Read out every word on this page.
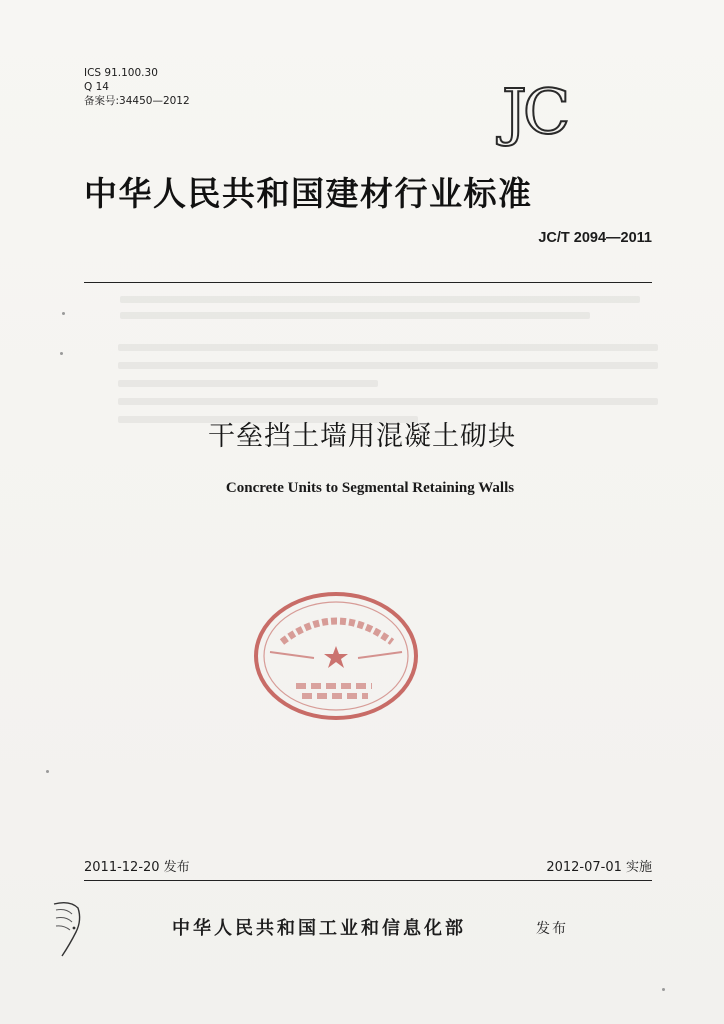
ICS 91.100.30
Q 14
备案号:34450—2012	JC
中华人民共和国建材行业标准
JC/T 2094—2011
干垒挡土墙用混凝土砌块
Concrete Units to Segmental Retaining Walls
2011-12-20 发布	2012-07-01 实施
中华人民共和国工业和信息化部	发布
